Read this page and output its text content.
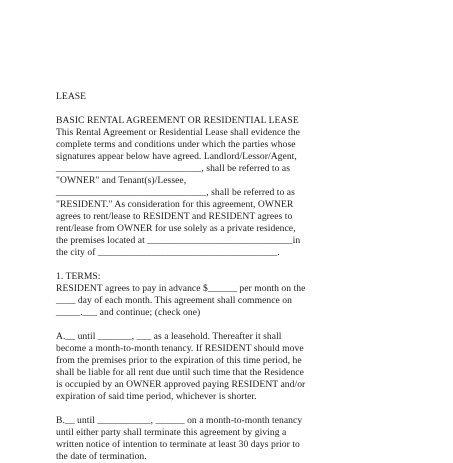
LEASE
BASIC RENTAL AGREEMENT OR RESIDENTIAL LEASE
This Rental Agreement or Residential Lease shall evidence the
complete terms and conditions under which the parties whose
signatures appear below have agreed. Landlord/Lessor/Agent,
______________________________, shall be referred to as
"OWNER" and Tenant(s)/Lessee,
_______________________________, shall be referred to as
"RESIDENT." As consideration for this agreement, OWNER
agrees to rent/lease to RESIDENT and RESIDENT agrees to
rent/lease from OWNER for use solely as a private residence,
the premises located at ______________________________in
the city of _____________________________________.
1. TERMS:
RESIDENT agrees to pay in advance $______ per month on the
____ day of each month. This agreement shall commence on
_____.___ and continue; (check one)
A.__ until _______, ___ as a leasehold. Thereafter it shall
become a month-to-month tenancy. If RESIDENT should move
from the premises prior to the expiration of this time period, he
shall be liable for all rent due until such time that the Residence
is occupied by an OWNER approved paying RESIDENT and/or
expiration of said time period, whichever is shorter.
B.__ until ___________, ______ on a month-to-month tenancy
until either party shall terminate this agreement by giving a
written notice of intention to terminate at least 30 days prior to
the date of termination.
